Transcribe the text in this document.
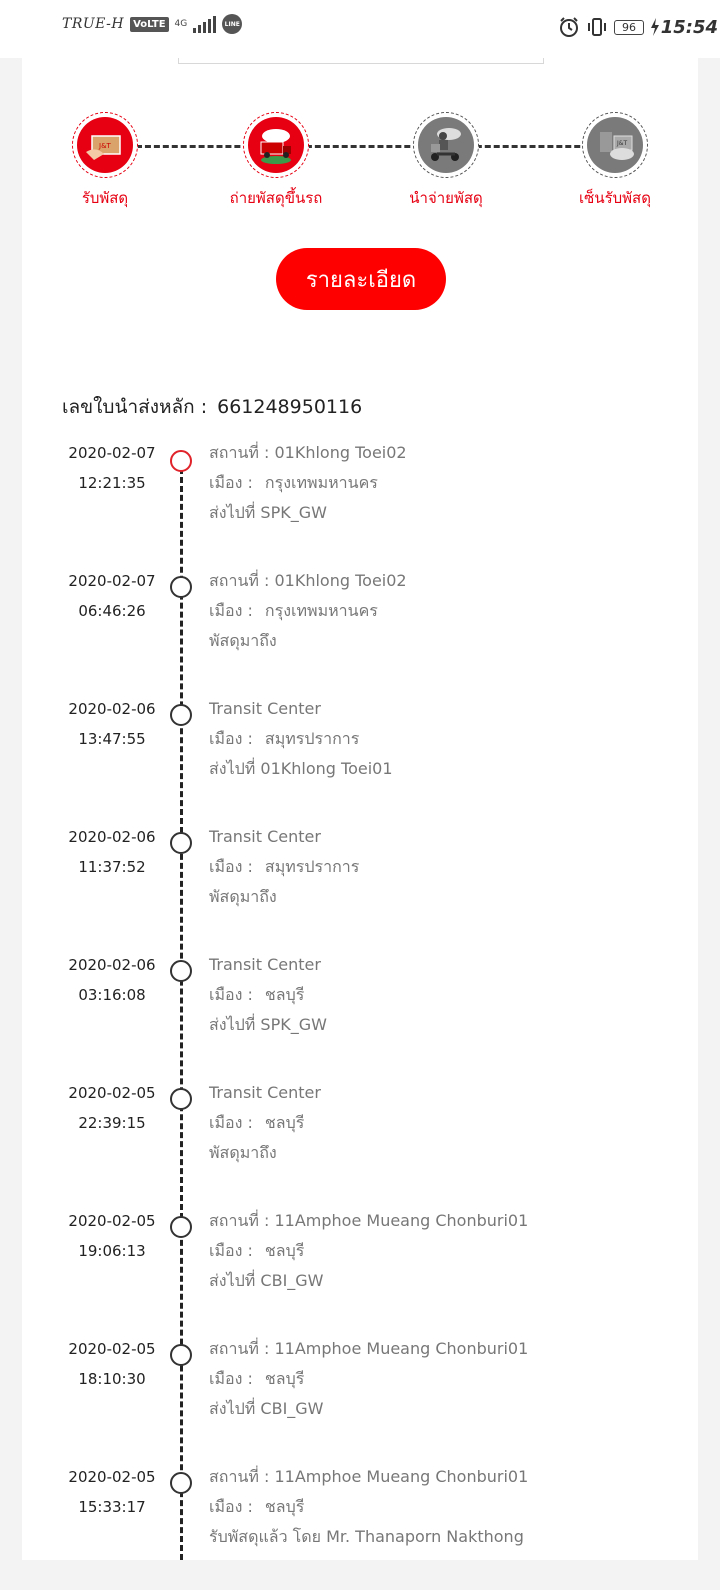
TRUE-H VoLTE	4G	LINE	96	15:54
J&T
รับพัสดุ	ถ่ายพัสดุขึ้นรถ	นำจ่ายพัสดุ
J&T
เซ็นรับพัสดุ
รายละเอียด
เลขใบนำส่งหลัก : 661248950116
2020-02-07
12:21:35
สถานที่ : 01Khlong Toei02
เมือง : กรุงเทพมหานคร
ส่งไปที่ SPK_GW
2020-02-07
06:46:26
สถานที่ : 01Khlong Toei02
เมือง : กรุงเทพมหานคร
พัสดุมาถึง
2020-02-06
13:47:55
Transit Center
เมือง : สมุทรปราการ
ส่งไปที่ 01Khlong Toei01
2020-02-06
11:37:52
Transit Center
เมือง : สมุทรปราการ
พัสดุมาถึง
2020-02-06
03:16:08
Transit Center
เมือง : ชลบุรี
ส่งไปที่ SPK_GW
2020-02-05
22:39:15
Transit Center
เมือง : ชลบุรี
พัสดุมาถึง
2020-02-05
19:06:13
สถานที่ : 11Amphoe Mueang Chonburi01
เมือง : ชลบุรี
ส่งไปที่ CBI_GW
2020-02-05
18:10:30
สถานที่ : 11Amphoe Mueang Chonburi01
เมือง : ชลบุรี
ส่งไปที่ CBI_GW
2020-02-05
15:33:17
สถานที่ : 11Amphoe Mueang Chonburi01
เมือง : ชลบุรี
รับพัสดุแล้ว โดย Mr. Thanaporn Nakthong
